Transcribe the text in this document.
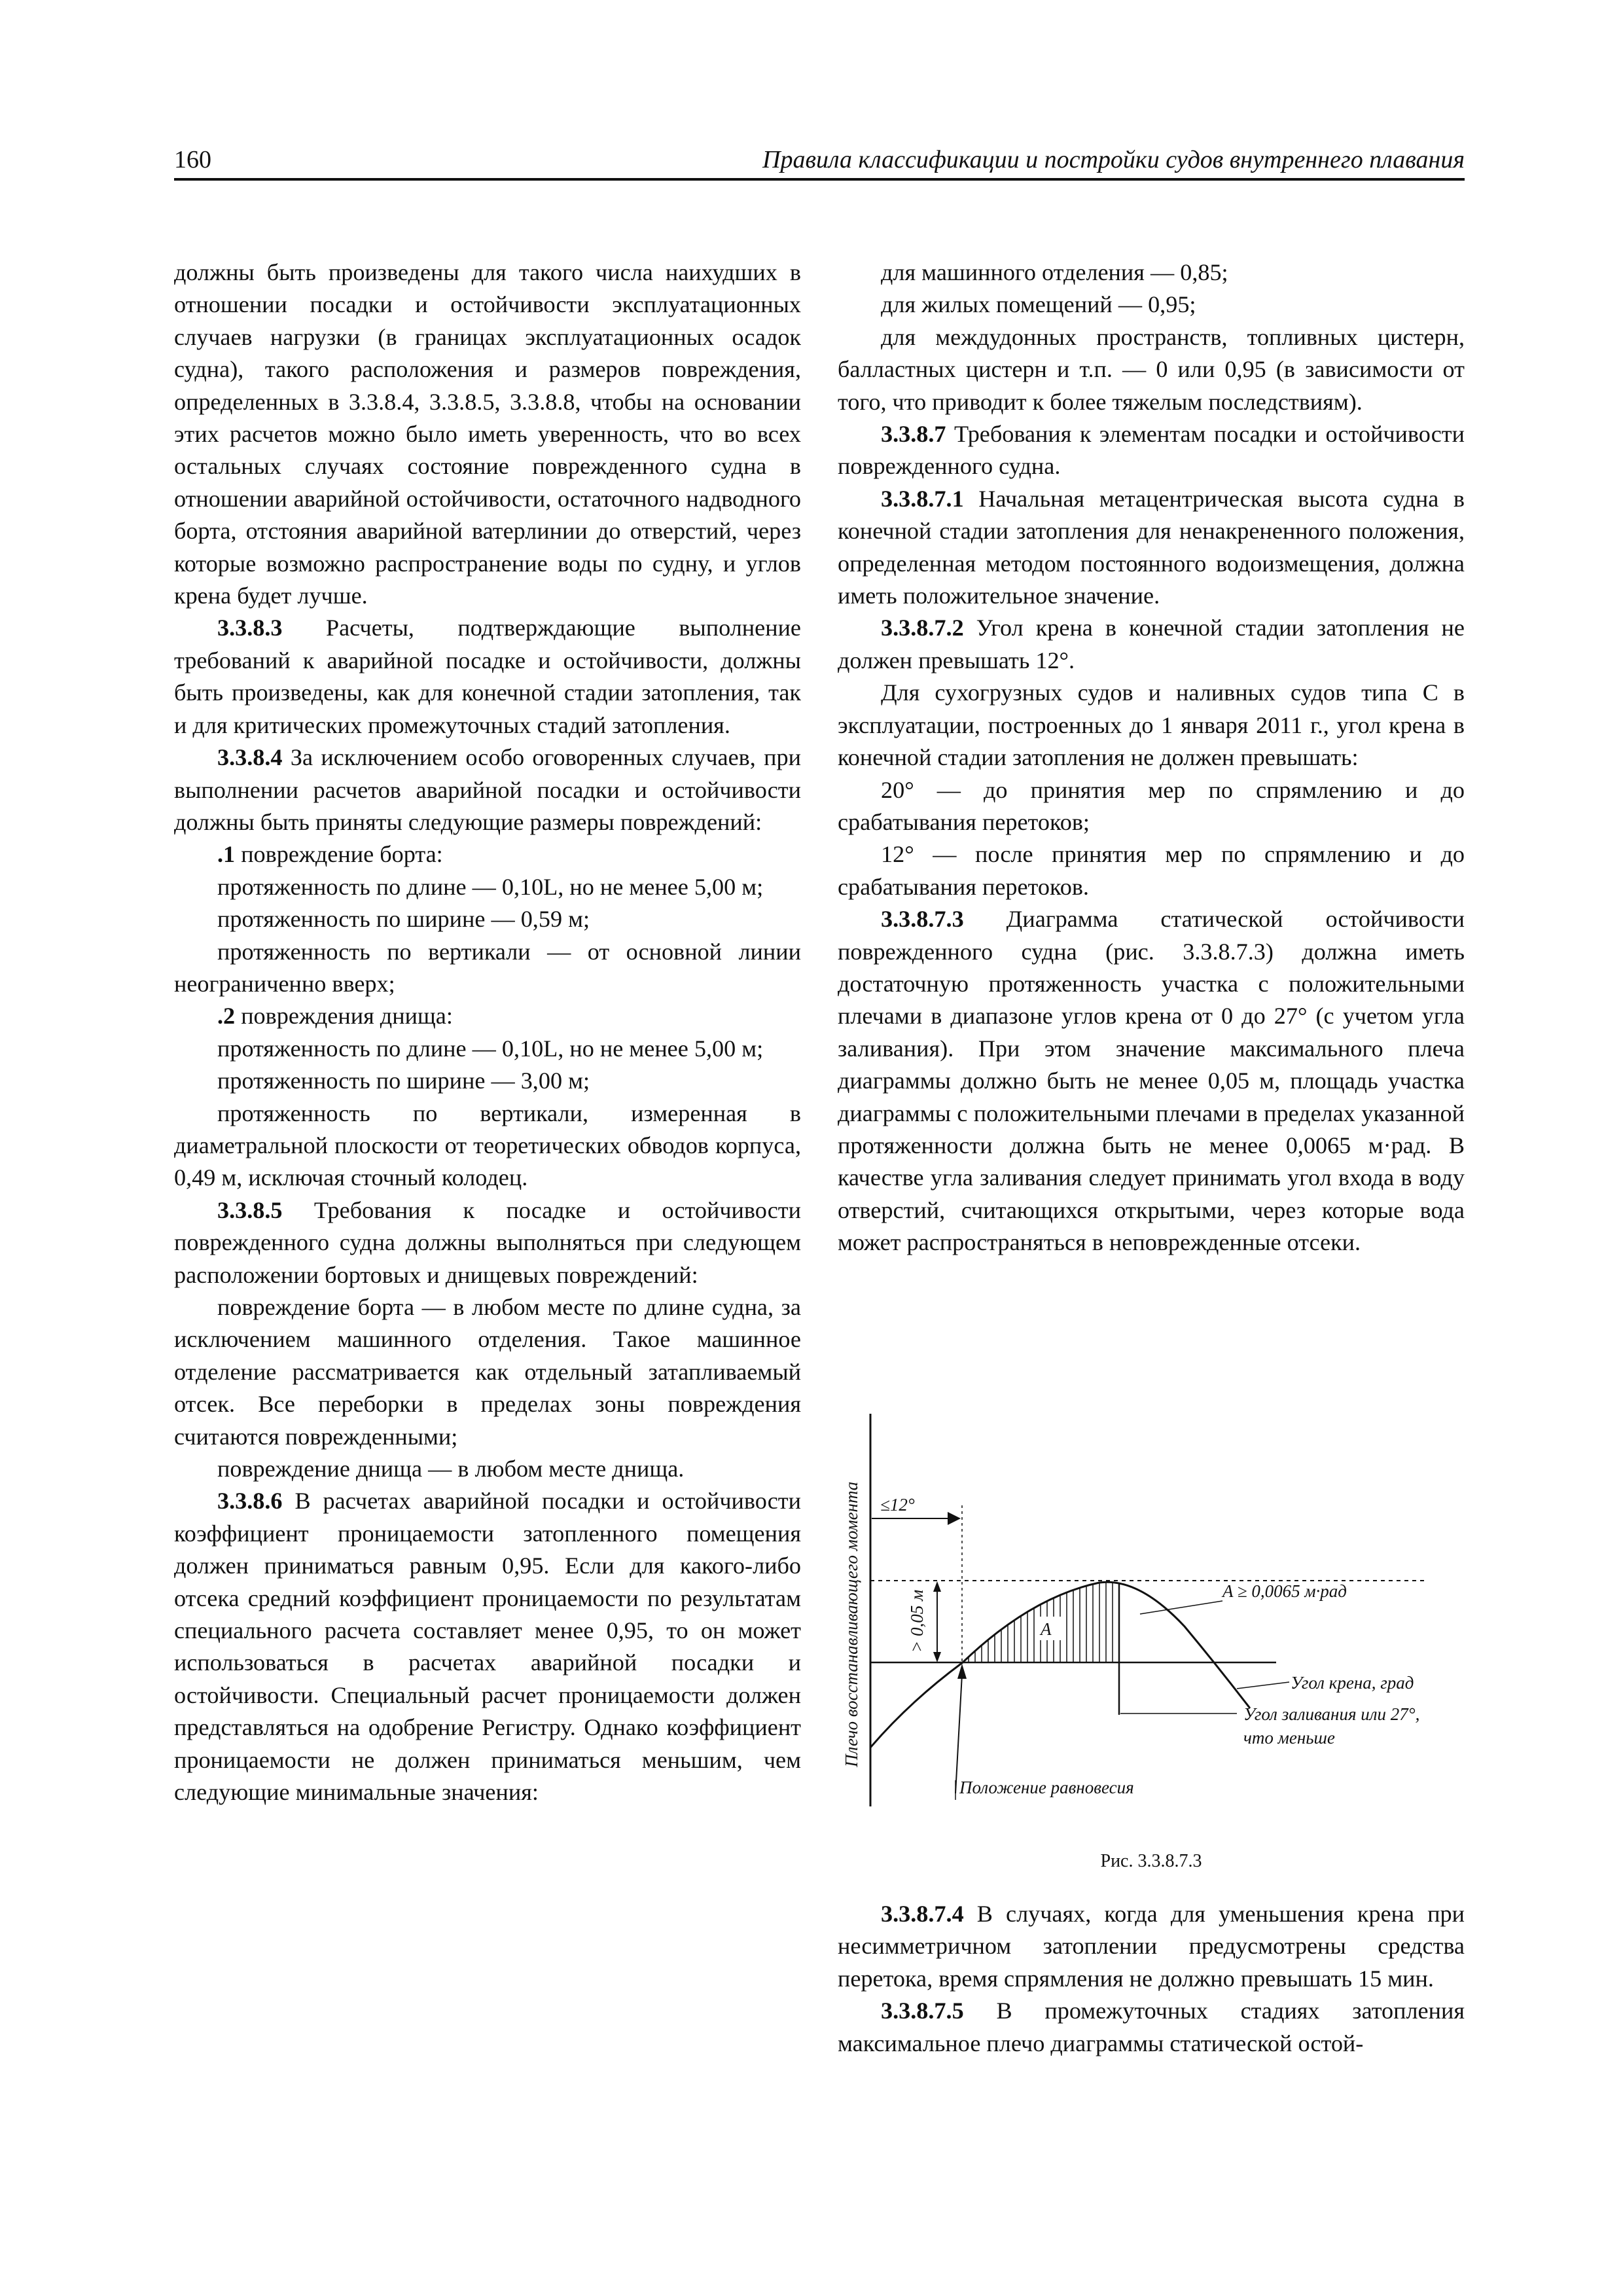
160	Правила классификации и постройки судов внутреннего плавания

должны быть произведены для такого числа наихудших в отношении посадки и остойчивости эксплуатационных случаев нагрузки (в границах эксплуатационных осадок судна), такого расположения и размеров повреждения, определенных в 3.3.8.4, 3.3.8.5, 3.3.8.8, чтобы на основании этих расчетов можно было иметь уверенность, что во всех остальных случаях состояние поврежденного судна в отношении аварийной остойчивости, остаточного надводного борта, отстояния аварийной ватерлинии до отверстий, через которые возможно распространение воды по судну, и углов крена будет лучше.

3.3.8.3 Расчеты, подтверждающие выполнение требований к аварийной посадке и остойчивости, должны быть произведены, как для конечной стадии затопления, так и для критических промежуточных стадий затопления.

3.3.8.4 За исключением особо оговоренных случаев, при выполнении расчетов аварийной посадки и остойчивости должны быть приняты следующие размеры повреждений:

.1 повреждение борта:

протяженность по длине — 0,10L, но не менее 5,00 м;

протяженность по ширине — 0,59 м;

протяженность по вертикали — от основной линии неограниченно вверх;

.2 повреждения днища:

протяженность по длине — 0,10L, но не менее 5,00 м;

протяженность по ширине — 3,00 м;

протяженность по вертикали, измеренная в диаметральной плоскости от теоретических обводов корпуса, 0,49 м, исключая сточный колодец.

3.3.8.5 Требования к посадке и остойчивости поврежденного судна должны выполняться при следующем расположении бортовых и днищевых повреждений:

повреждение борта — в любом месте по длине судна, за исключением машинного отделения. Такое машинное отделение рассматривается как отдельный затапливаемый отсек. Все переборки в пределах зоны повреждения считаются поврежденными;

повреждение днища — в любом месте днища.

3.3.8.6 В расчетах аварийной посадки и остойчивости коэффициент проницаемости затопленного помещения должен приниматься равным 0,95. Если для какого-либо отсека средний коэффициент проницаемости по результатам специального расчета составляет менее 0,95, то он может использоваться в расчетах аварийной посадки и остойчивости. Специальный расчет проницаемости должен представляться на одобрение Регистру. Однако коэффициент проницаемости не должен приниматься меньшим, чем следующие минимальные значения:

для машинного отделения — 0,85;

для жилых помещений — 0,95;

для междудонных пространств, топливных цистерн, балластных цистерн и т.п. — 0 или 0,95 (в зависимости от того, что приводит к более тяжелым последствиям).

3.3.8.7 Требования к элементам посадки и остойчивости поврежденного судна.

3.3.8.7.1 Начальная метацентрическая высота судна в конечной стадии затопления для ненакрененного положения, определенная методом постоянного водоизмещения, должна иметь положительное значение.

3.3.8.7.2 Угол крена в конечной стадии затопления не должен превышать 12°.

Для сухогрузных судов и наливных судов типа С в эксплуатации, построенных до 1 января 2011 г., угол крена в конечной стадии затопления не должен превышать:

20° — до принятия мер по спрямлению и до срабатывания перетоков;

12° — после принятия мер по спрямлению и до срабатывания перетоков.

3.3.8.7.3 Диаграмма статической остойчивости поврежденного судна (рис. 3.3.8.7.3) должна иметь достаточную протяженность участка с положительными плечами в диапазоне углов крена от 0 до 27° (с учетом угла заливания). При этом значение максимального плеча диаграммы должно быть не менее 0,05 м, площадь участка диаграммы с положительными плечами в пределах указанной протяженности должна быть не менее 0,0065 м·рад. В качестве угла заливания следует принимать угол входа в воду отверстий, считающихся открытыми, через которые вода может распространяться в неповрежденные отсеки.

Плечо восстанавливающего момента ≤12°
> 0,05 м	A
A ≥ 0,0065 м·рад
Угол крена, град
Угол заливания или 27°,
что меньше
Положение равновесия
Рис. 3.3.8.7.3

3.3.8.7.4 В случаях, когда для уменьшения крена при несимметричном затоплении предусмотрены средства перетока, время спрямления не должно превышать 15 мин.

3.3.8.7.5 В промежуточных стадиях затопления максимальное плечо диаграммы статической остой-
